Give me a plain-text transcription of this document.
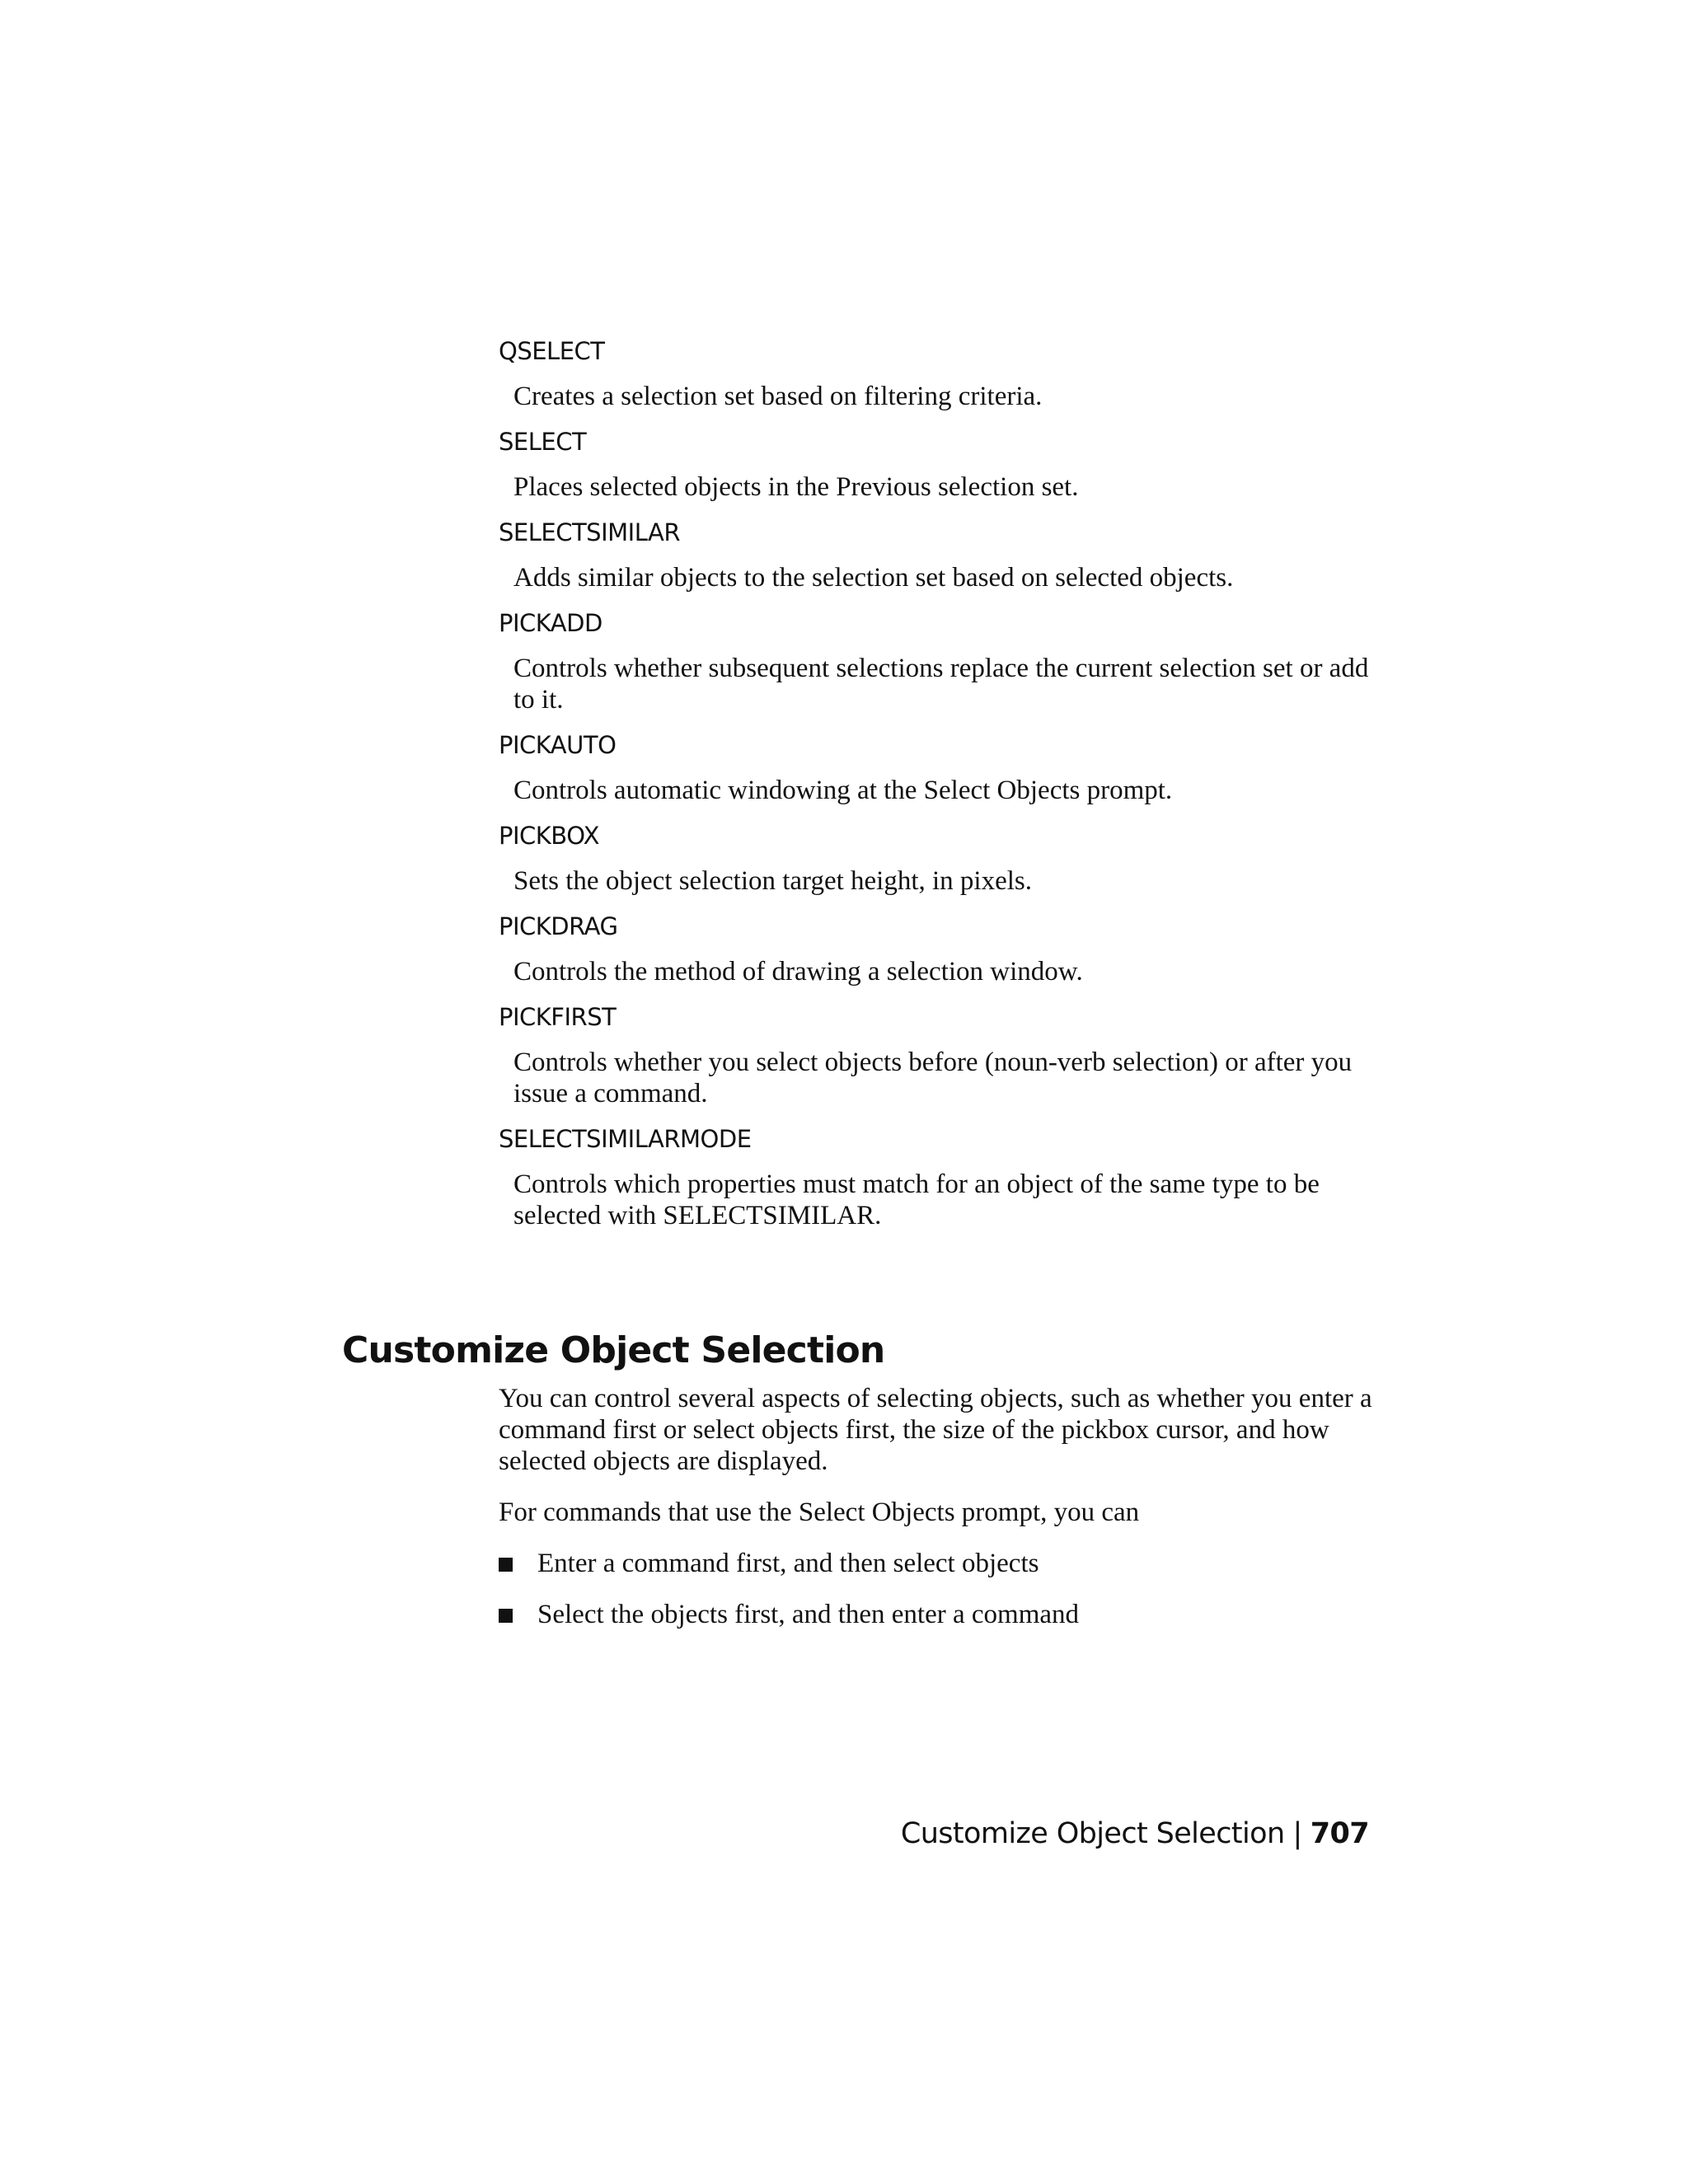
QSELECT
Creates a selection set based on filtering criteria.
SELECT
Places selected objects in the Previous selection set.
SELECTSIMILAR
Adds similar objects to the selection set based on selected objects.
PICKADD
Controls whether subsequent selections replace the current selection set or add to it.
PICKAUTO
Controls automatic windowing at the Select Objects prompt.
PICKBOX
Sets the object selection target height, in pixels.
PICKDRAG
Controls the method of drawing a selection window.
PICKFIRST
Controls whether you select objects before (noun-verb selection) or after you issue a command.
SELECTSIMILARMODE
Controls which properties must match for an object of the same type to be selected with SELECTSIMILAR.
Customize Object Selection

You can control several aspects of selecting objects, such as whether you enter a command first or select objects first, the size of the pickbox cursor, and how selected objects are displayed.

For commands that use the Select Objects prompt, you can

Enter a command first, and then select objects
Select the objects first, and then enter a command
Customize Object Selection | 707
